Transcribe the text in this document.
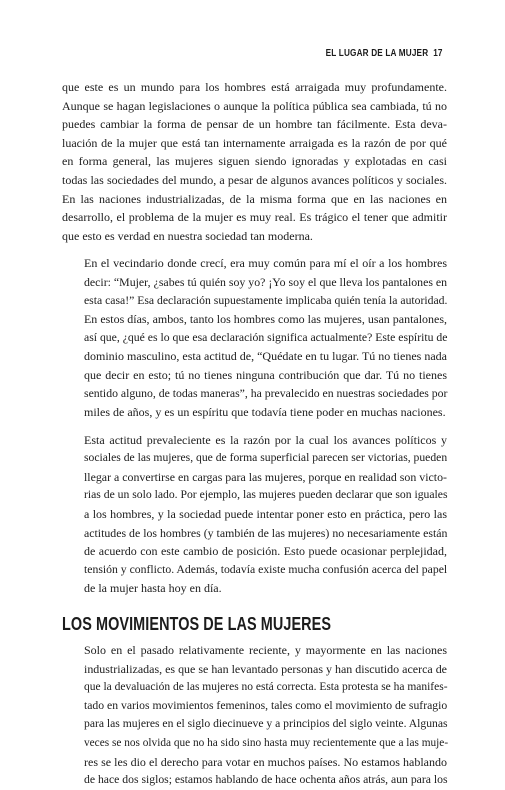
EL LUGAR DE LA MUJER 17

que este es un mundo para los hombres está arraigada muy profundamente.
Aunque se hagan legislaciones o aunque la política pública sea cambiada, tú no
puedes cambiar la forma de pensar de un hombre tan fácilmente. Esta deva-
luación de la mujer que está tan internamente arraigada es la razón de por qué
en forma general, las mujeres siguen siendo ignoradas y explotadas en casi
todas las sociedades del mundo, a pesar de algunos avances políticos y sociales.
En las naciones industrializadas, de la misma forma que en las naciones en
desarrollo, el problema de la mujer es muy real. Es trágico el tener que admitir
que esto es verdad en nuestra sociedad tan moderna.

En el vecindario donde crecí, era muy común para mí el oír a los hombres
decir: “Mujer, ¿sabes tú quién soy yo? ¡Yo soy el que lleva los pantalones en
esta casa!” Esa declaración supuestamente implicaba quién tenía la autoridad.
En estos días, ambos, tanto los hombres como las mujeres, usan pantalones,
así que, ¿qué es lo que esa declaración significa actualmente? Este espíritu de
dominio masculino, esta actitud de, “Quédate en tu lugar. Tú no tienes nada
que decir en esto; tú no tienes ninguna contribución que dar. Tú no tienes
sentido alguno, de todas maneras”, ha prevalecido en nuestras sociedades por
miles de años, y es un espíritu que todavía tiene poder en muchas naciones.

Esta actitud prevaleciente es la razón por la cual los avances políticos y
sociales de las mujeres, que de forma superficial parecen ser victorias, pueden
llegar a convertirse en cargas para las mujeres, porque en realidad son victo-
rias de un solo lado. Por ejemplo, las mujeres pueden declarar que son iguales
a los hombres, y la sociedad puede intentar poner esto en práctica, pero las
actitudes de los hombres (y también de las mujeres) no necesariamente están
de acuerdo con este cambio de posición. Esto puede ocasionar perplejidad,
tensión y conflicto. Además, todavía existe mucha confusión acerca del papel
de la mujer hasta hoy en día.

LOS MOVIMIENTOS DE LAS MUJERES

Solo en el pasado relativamente reciente, y mayormente en las naciones
industrializadas, es que se han levantado personas y han discutido acerca de
que la devaluación de las mujeres no está correcta. Esta protesta se ha manifes-
tado en varios movimientos femeninos, tales como el movimiento de sufragio
para las mujeres en el siglo diecinueve y a principios del siglo veinte. Algunas
veces se nos olvida que no ha sido sino hasta muy recientemente que a las muje-
res se les dio el derecho para votar en muchos países. No estamos hablando
de hace dos siglos; estamos hablando de hace ochenta años atrás, aun para los
